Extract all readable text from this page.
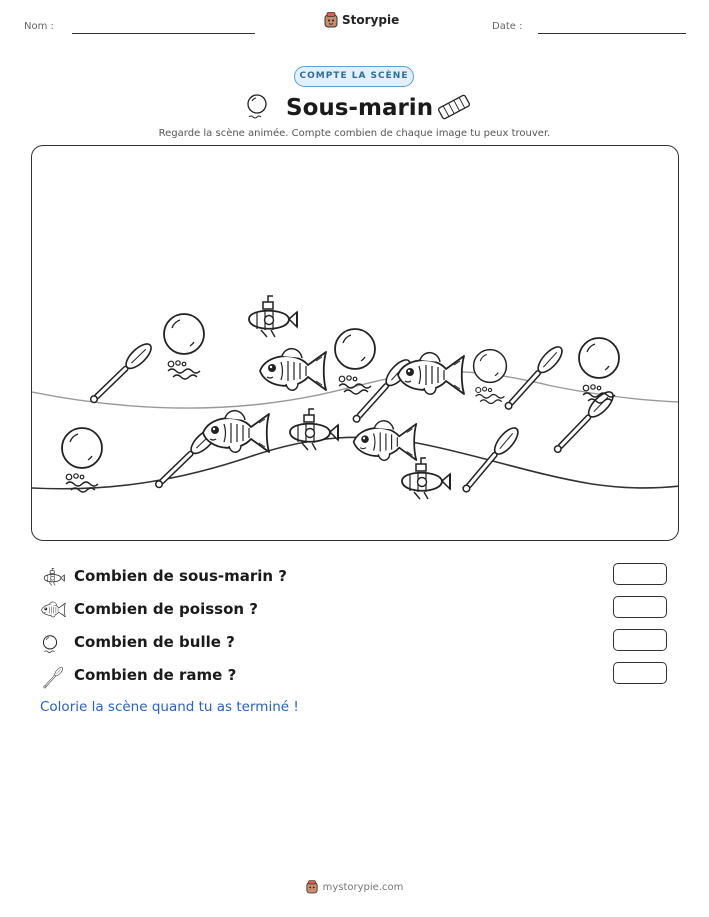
Nom :	Storypie	Date :
COMPTE LA SCÈNE
Sous-marin
Regarde la scène animée. Compte combien de chaque image tu peux trouver.
Combien de sous-marin ?
Combien de poisson ?
Combien de bulle ?
Combien de rame ?
Colorie la scène quand tu as terminé !
mystorypie.com
